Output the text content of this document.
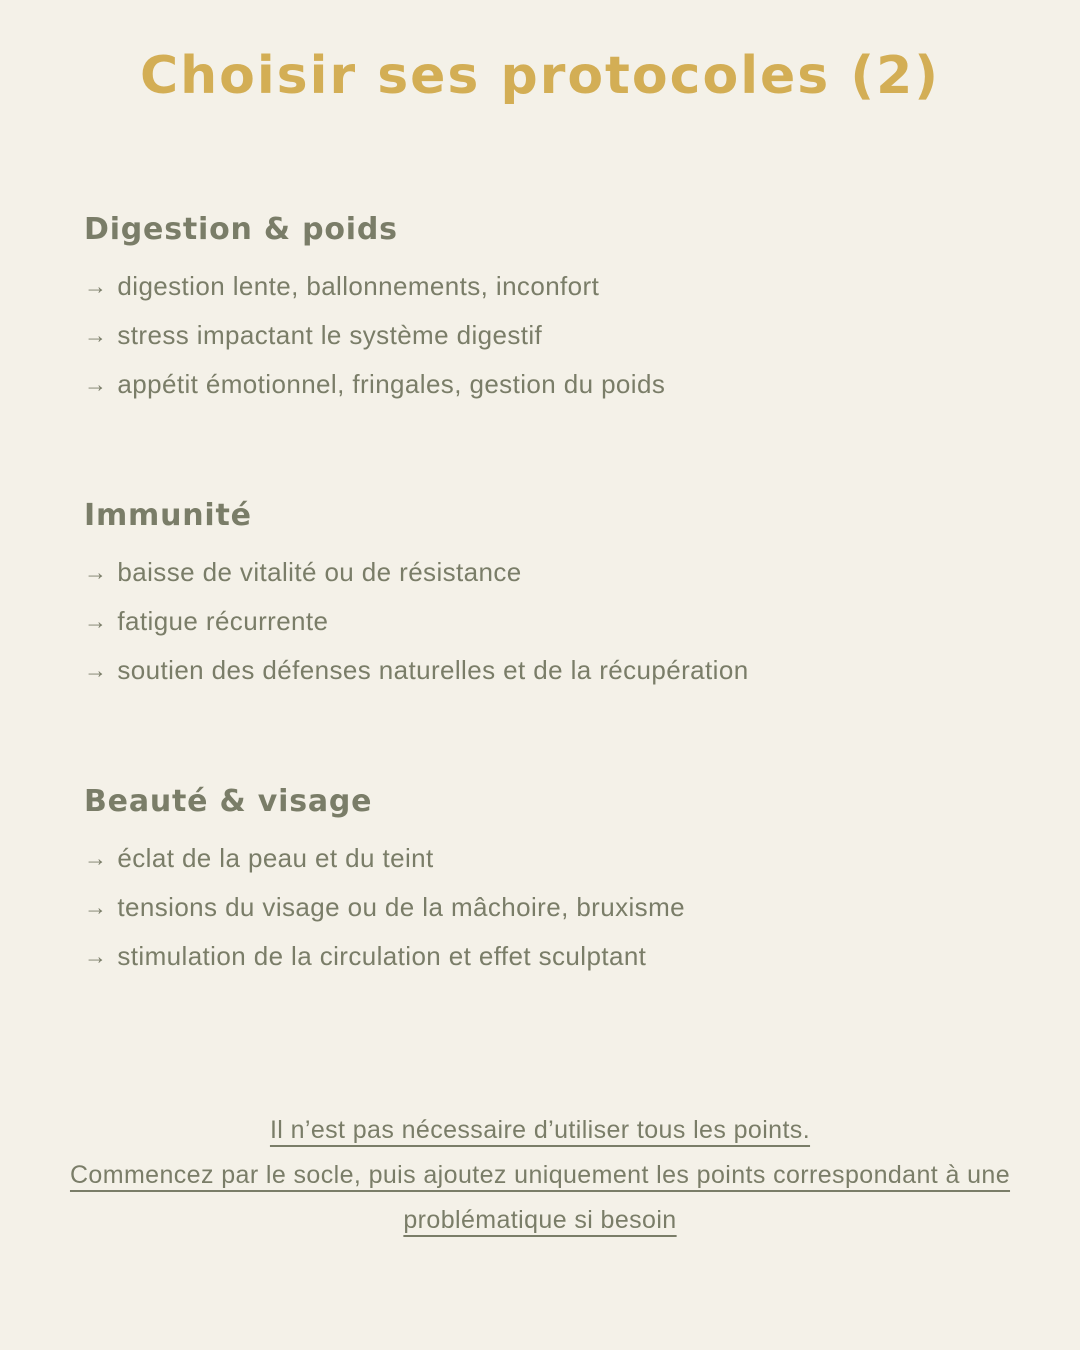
Choisir ses protocoles (2)
Digestion & poids
→ digestion lente, ballonnements, inconfort
→ stress impactant le système digestif
→ appétit émotionnel, fringales, gestion du poids
Immunité
→ baisse de vitalité ou de résistance
→ fatigue récurrente
→ soutien des défenses naturelles et de la récupération
Beauté & visage
→ éclat de la peau et du teint
→ tensions du visage ou de la mâchoire, bruxisme
→ stimulation de la circulation et effet sculptant

Il n’est pas nécessaire d’utiliser tous les points.

Commencez par le socle, puis ajoutez uniquement les points correspondant à une problématique si besoin
